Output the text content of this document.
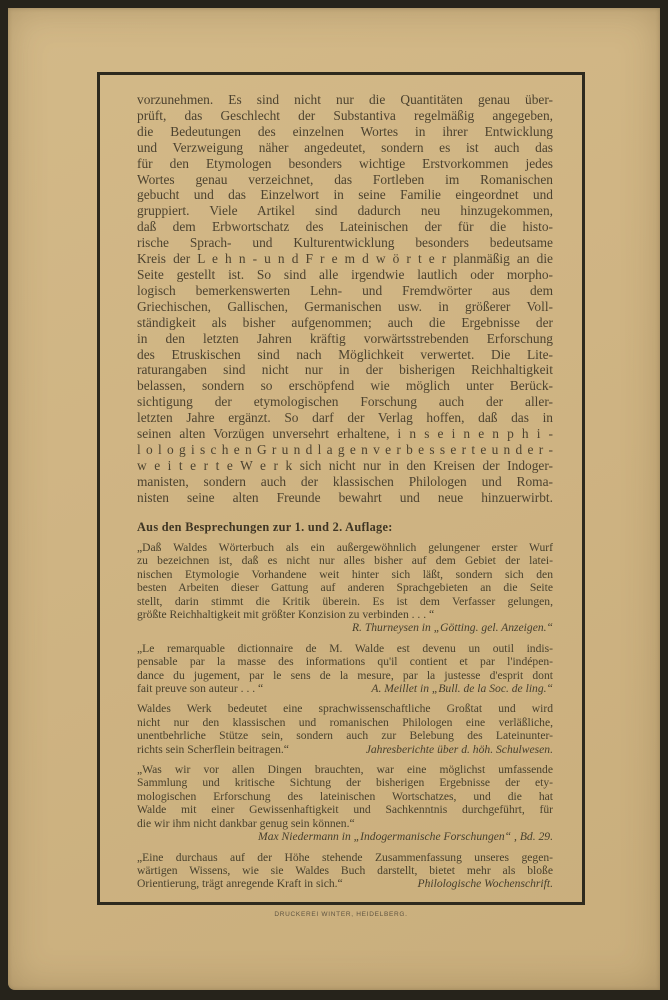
vorzunehmen. Es sind nicht nur die Quantitäten genau über-
prüft, das Geschlecht der Substantiva regelmäßig angegeben,
die Bedeutungen des einzelnen Wortes in ihrer Entwicklung
und Verzweigung näher angedeutet, sondern es ist auch das
für den Etymologen besonders wichtige Erstvorkommen jedes
Wortes genau verzeichnet, das Fortleben im Romanischen
gebucht und das Einzelwort in seine Familie eingeordnet und
gruppiert. Viele Artikel sind dadurch neu hinzugekommen,
daß dem Erbwortschatz des Lateinischen der für die histo-
rische Sprach- und Kulturentwicklung besonders bedeutsame
Kreis der L e h n - u n d F r e m d w ö r t e r planmäßig an die
Seite gestellt ist. So sind alle irgendwie lautlich oder morpho-
logisch bemerkenswerten Lehn- und Fremdwörter aus dem
Griechischen, Gallischen, Germanischen usw. in größerer Voll-
ständigkeit als bisher aufgenommen; auch die Ergebnisse der
in den letzten Jahren kräftig vorwärtsstrebenden Erforschung
des Etruskischen sind nach Möglichkeit verwertet. Die Lite-
raturangaben sind nicht nur in der bisherigen Reichhaltigkeit
belassen, sondern so erschöpfend wie möglich unter Berück-
sichtigung der etymologischen Forschung auch der aller-
letzten Jahre ergänzt. So darf der Verlag hoffen, daß das in
seinen alten Vorzügen unversehrt erhaltene, i n s e i n e n p h i -
l o l o g i s c h e n G r u n d l a g e n v e r b e s s e r t e u n d e r -
w e i t e r t e W e r k sich nicht nur in den Kreisen der Indoger-
manisten, sondern auch der klassischen Philologen und Roma-
nisten seine alten Freunde bewahrt und neue hinzuerwirbt.
Aus den Besprechungen zur 1. und 2. Auflage:
„Daß Waldes Wörterbuch als ein außergewöhnlich gelungener erster Wurf
zu bezeichnen ist, daß es nicht nur alles bisher auf dem Gebiet der latei-
nischen Etymologie Vorhandene weit hinter sich läßt, sondern sich den
besten Arbeiten dieser Gattung auf anderen Sprachgebieten an die Seite
stellt, darin stimmt die Kritik überein. Es ist dem Verfasser gelungen,
größte Reichhaltigkeit mit größter Konzision zu verbinden . . . “
R. Thurneysen in „Götting. gel. Anzeigen.“
„Le remarquable dictionnaire de M. Walde est devenu un outil indis-
pensable par la masse des informations qu'il contient et par l'indépen-
dance du jugement, par le sens de la mesure, par la justesse d'esprit dont
fait preuve son auteur . . . “	A. Meillet in „Bull. de la Soc. de ling.“
Waldes Werk bedeutet eine sprachwissenschaftliche Großtat und wird
nicht nur den klassischen und romanischen Philologen eine verläßliche,
unentbehrliche Stütze sein, sondern auch zur Belebung des Lateinunter-
richts sein Scherflein beitragen.“	Jahresberichte über d. höh. Schulwesen.
„Was wir vor allen Dingen brauchten, war eine möglichst umfassende
Sammlung und kritische Sichtung der bisherigen Ergebnisse der ety-
mologischen Erforschung des lateinischen Wortschatzes, und die hat
Walde mit einer Gewissenhaftigkeit und Sachkenntnis durchgeführt, für
die wir ihm nicht dankbar genug sein können.“
Max Niedermann in „Indogermanische Forschungen“ , Bd. 29.
„Eine durchaus auf der Höhe stehende Zusammenfassung unseres gegen-
wärtigen Wissens, wie sie Waldes Buch darstellt, bietet mehr als bloße
Orientierung, trägt anregende Kraft in sich.“	Philologische Wochenschrift.
DRUCKEREI WINTER, HEIDELBERG.
